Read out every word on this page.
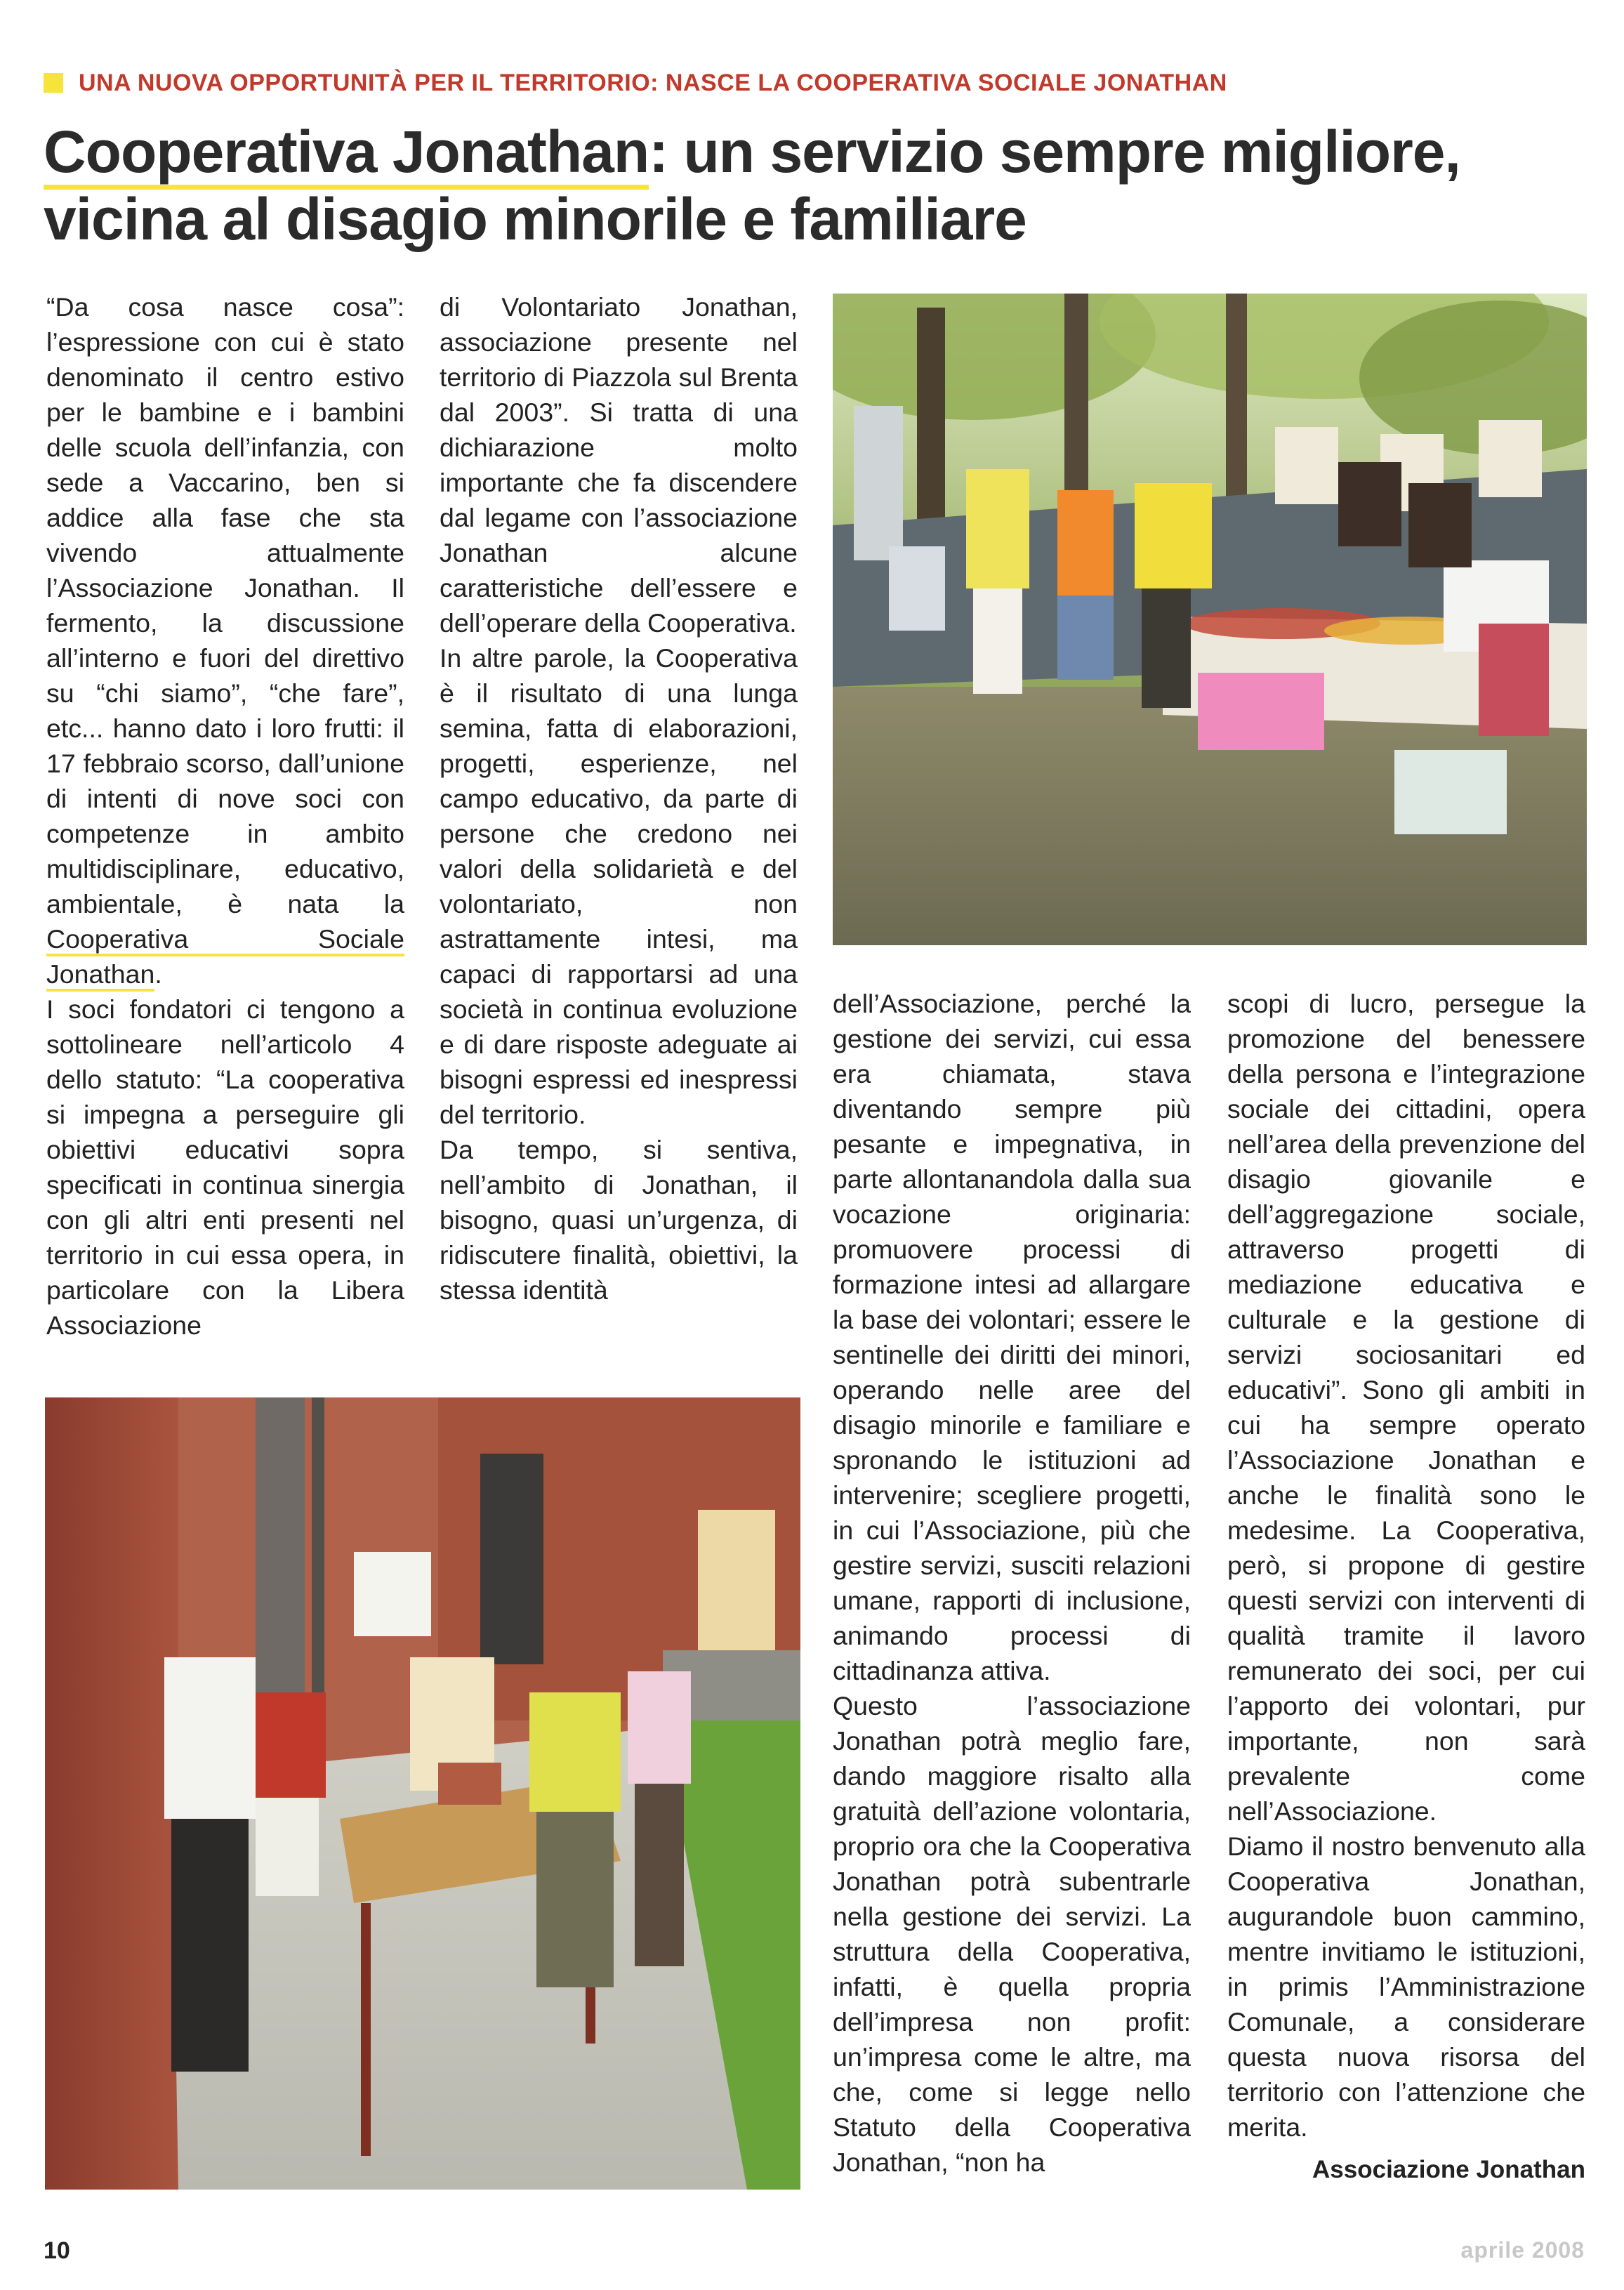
UNA NUOVA OPPORTUNITÀ PER IL TERRITORIO: NASCE LA COOPERATIVA SOCIALE JONATHAN
Cooperativa Jonathan: un servizio sempre migliore,
vicina al disagio minorile e familiare

“Da cosa nasce cosa”: l’espressione con cui è stato denominato il centro estivo per le bambine e i bambini delle scuola dell’infanzia, con sede a Vaccarino, ben si addice alla fase che sta vivendo attualmente l’Associazione Jonathan. Il fermento, la discussione all’interno e fuori del direttivo su “chi siamo”, “che fare”, etc... hanno dato i loro frutti: il 17 febbraio scorso, dall’unione di intenti di nove soci con competenze in ambito multidisciplinare, educativo, ambientale, è nata la Cooperativa Sociale Jonathan.

I soci fondatori ci tengono a sottolineare nell’articolo 4 dello statuto: “La cooperativa si impegna a perseguire gli obiettivi educativi sopra specificati in continua sinergia con gli altri enti presenti nel territorio in cui essa opera, in particolare con la Libera Associazione

di Volontariato Jonathan, associazione presente nel territorio di Piazzola sul Brenta dal 2003”. Si tratta di una dichiarazione molto importante che fa discendere dal legame con l’associazione Jonathan alcune caratteristiche dell’essere e dell’operare della Cooperativa.

In altre parole, la Cooperativa è il risultato di una lunga semina, fatta di elaborazioni, progetti, esperienze, nel campo educativo, da parte di persone che credono nei valori della solidarietà e del volontariato, non astrattamente intesi, ma capaci di rapportarsi ad una società in continua evoluzione e di dare risposte adeguate ai bisogni espressi ed inespressi del territorio.

Da tempo, si sentiva, nell’ambito di Jonathan, il bisogno, quasi un’urgenza, di ridiscutere finalità, obiettivi, la stessa identità

dell’Associazione, perché la gestione dei servizi, cui essa era chiamata, stava diventando sempre più pesante e impegnativa, in parte allontanandola dalla sua vocazione originaria: promuovere processi di formazione intesi ad allargare la base dei volontari; essere le sentinelle dei diritti dei minori, operando nelle aree del disagio minorile e familiare e spronando le istituzioni ad intervenire; scegliere progetti, in cui l’Associazione, più che gestire servizi, susciti relazioni umane, rapporti di inclusione, animando processi di cittadinanza attiva.

Questo l’associazione Jonathan potrà meglio fare, dando maggiore risalto alla gratuità dell’azione volontaria, proprio ora che la Cooperativa Jonathan potrà subentrarle nella gestione dei servizi. La struttura della Cooperativa, infatti, è quella propria dell’impresa non profit: un’impresa come le altre, ma che, come si legge nello Statuto della Cooperativa Jonathan, “non ha

scopi di lucro, persegue la promozione del benessere della persona e l’integrazione sociale dei cittadini, opera nell’area della prevenzione del disagio giovanile e dell’aggregazione sociale, attraverso progetti di mediazione educativa e culturale e la gestione di servizi sociosanitari ed educativi”. Sono gli ambiti in cui ha sempre operato l’Associazione Jonathan e anche le finalità sono le medesime. La Cooperativa, però, si propone di gestire questi servizi con interventi di qualità tramite il lavoro remunerato dei soci, per cui l’apporto dei volontari, pur importante, non sarà prevalente come nell’Associazione.

Diamo il nostro benvenuto alla Cooperativa Jonathan, augurandole buon cammino, mentre invitiamo le istituzioni, in primis l’Amministrazione Comunale, a considerare questa nuova risorsa del territorio con l’attenzione che merita.

Associazione Jonathan
10	aprile 2008
